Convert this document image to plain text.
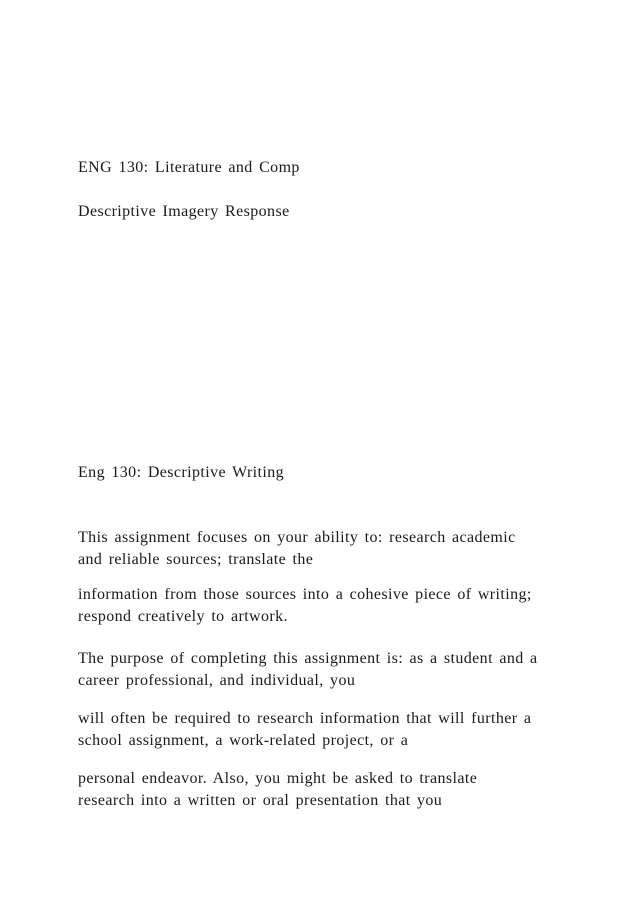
ENG 130: Literature and Comp
Descriptive Imagery Response
Eng 130: Descriptive Writing
This assignment focuses on your ability to: research academic
and reliable sources; translate the
information from those sources into a cohesive piece of writing;
respond creatively to artwork.
The purpose of completing this assignment is: as a student and a
career professional, and individual, you
will often be required to research information that will further a
school assignment, a work-related project, or a
personal endeavor. Also, you might be asked to translate
research into a written or oral presentation that you
